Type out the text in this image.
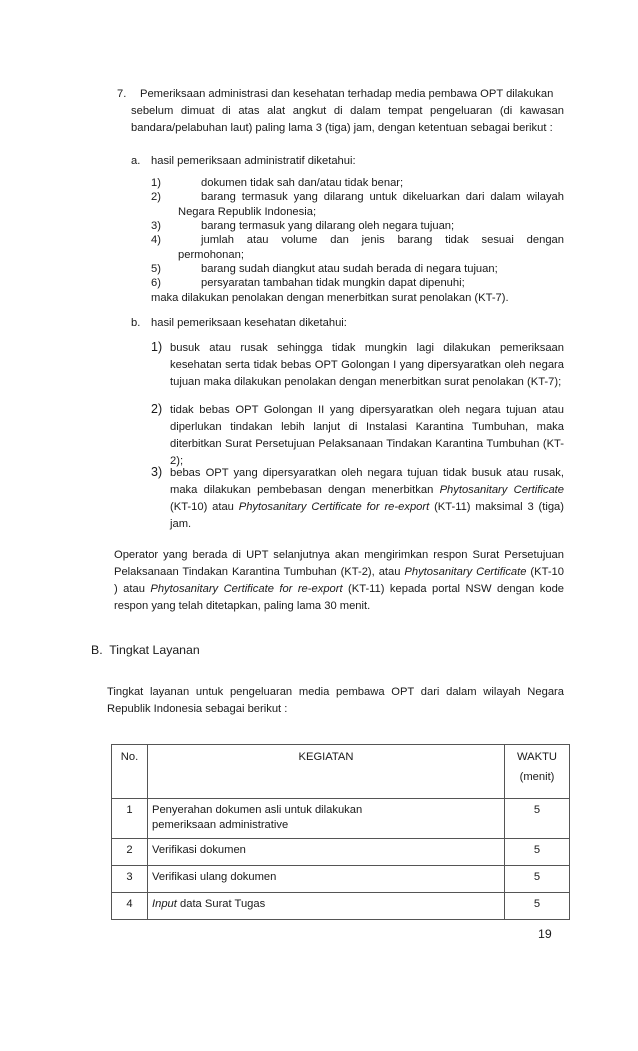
7. Pemeriksaan administrasi dan kesehatan terhadap media pembawa OPT dilakukan
sebelum dimuat di atas alat angkut di dalam tempat pengeluaran (di kawasan bandara/pelabuhan laut) paling lama 3 (tiga) jam, dengan ketentuan sebagai berikut :
a. hasil pemeriksaan administratif diketahui:
1)	dokumen tidak sah dan/atau tidak benar;
2)	barang termasuk yang dilarang untuk dikeluarkan dari dalam wilayah
Negara Republik Indonesia;
3)	barang termasuk yang dilarang oleh negara tujuan;
4)	jumlah atau volume dan jenis barang tidak sesuai dengan
permohonan;
5)	barang sudah diangkut atau sudah berada di negara tujuan;
6)	persyaratan tambahan tidak mungkin dapat dipenuhi;
maka dilakukan penolakan dengan menerbitkan surat penolakan (KT-7).
b. hasil pemeriksaan kesehatan diketahui:
1) busuk atau rusak sehingga tidak mungkin lagi dilakukan pemeriksaan kesehatan serta tidak bebas OPT Golongan I yang dipersyaratkan oleh negara tujuan maka dilakukan penolakan dengan menerbitkan surat penolakan (KT-7);
2) tidak bebas OPT Golongan II yang dipersyaratkan oleh negara tujuan atau diperlukan tindakan lebih lanjut di Instalasi Karantina Tumbuhan, maka diterbitkan Surat Persetujuan Pelaksanaan Tindakan Karantina Tumbuhan (KT-2);
3) bebas OPT yang dipersyaratkan oleh negara tujuan tidak busuk atau rusak, maka dilakukan pembebasan dengan menerbitkan Phytosanitary Certificate (KT-10) atau Phytosanitary Certificate for re-export (KT-11) maksimal 3 (tiga) jam.
Operator yang berada di UPT selanjutnya akan mengirimkan respon Surat Persetujuan Pelaksanaan Tindakan Karantina Tumbuhan (KT-2), atau Phytosanitary Certificate (KT-10 ) atau Phytosanitary Certificate for re-export (KT-11) kepada portal NSW dengan kode respon yang telah ditetapkan, paling lama 30 menit.
B.  Tingkat Layanan
Tingkat layanan untuk pengeluaran media pembawa OPT dari dalam wilayah Negara Republik Indonesia sebagai berikut :
No.	KEGIATAN	WAKTU
(menit)

1	Penyerahan dokumen asli untuk dilakukan pemeriksaan administrative	5
2	Verifikasi dokumen	5
3	Verifikasi ulang dokumen	5
4	Input data Surat Tugas	5
19
